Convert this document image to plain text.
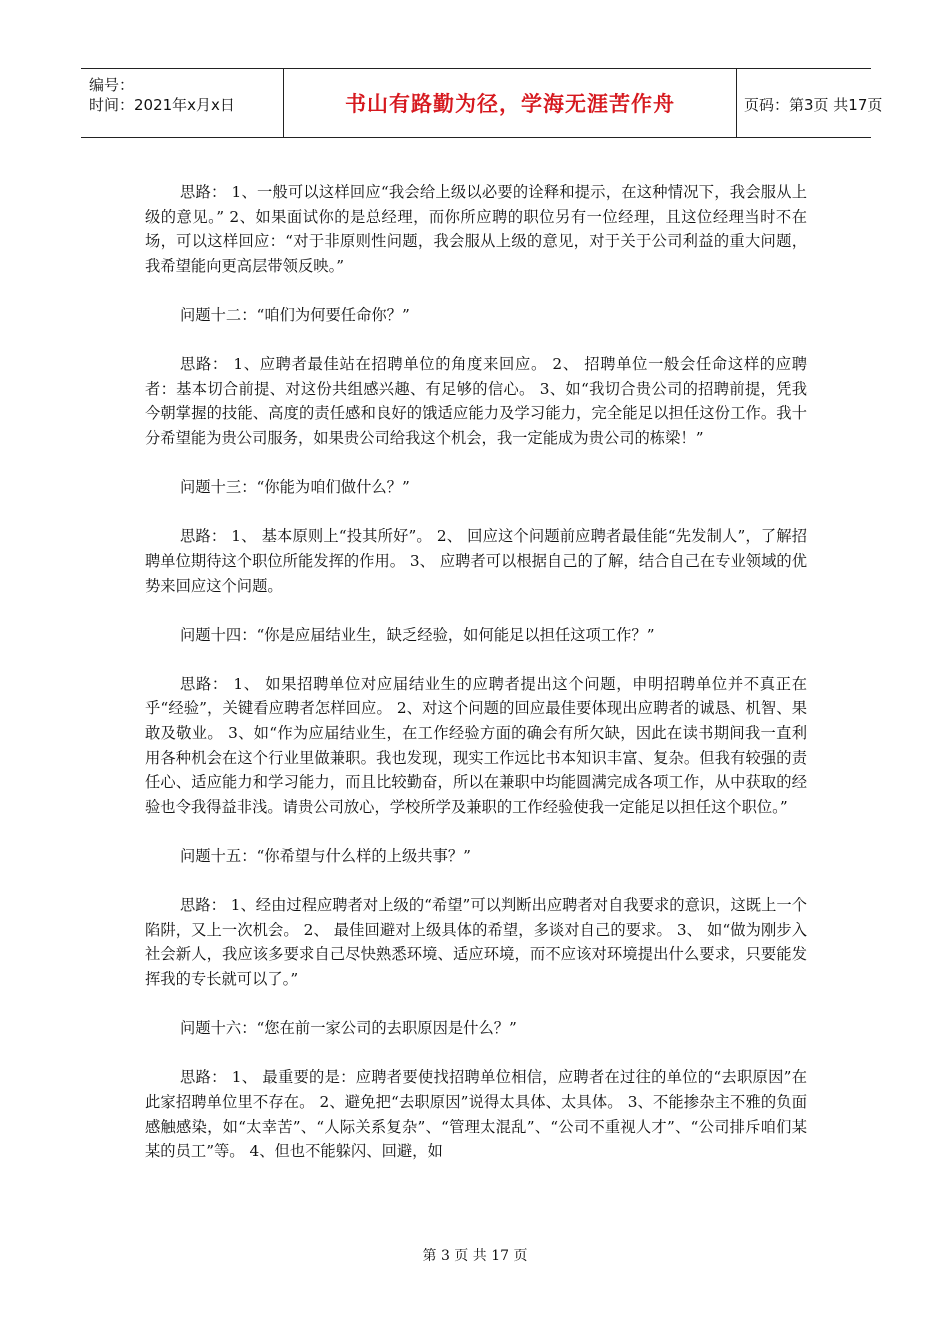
编号：
时间：2021年x月x日	书山有路勤为径，学海无涯苦作舟	页码：第3页 共17页

思路： 1、一般可以这样回应“我会给上级以必要的诠释和提示，在这种情况下，我会服从上级的意见。” 2、如果面试你的是总经理，而你所应聘的职位另有一位经理，且这位经理当时不在场，可以这样回应：“对于非原则性问题，我会服从上级的意见，对于关于公司利益的重大问题，我希望能向更高层带领反映。”

问题十二：“咱们为何要任命你？”

思路： 1、应聘者最佳站在招聘单位的角度来回应。 2、 招聘单位一般会任命这样的应聘者：基本切合前提、对这份共组感兴趣、有足够的信心。 3、如“我切合贵公司的招聘前提，凭我今朝掌握的技能、高度的责任感和良好的饿适应能力及学习能力，完全能足以担任这份工作。我十分希望能为贵公司服务，如果贵公司给我这个机会，我一定能成为贵公司的栋梁！”

问题十三：“你能为咱们做什么？”

思路： 1、 基本原则上“投其所好”。 2、 回应这个问题前应聘者最佳能“先发制人”，了解招聘单位期待这个职位所能发挥的作用。 3、 应聘者可以根据自己的了解，结合自己在专业领域的优势来回应这个问题。

问题十四：“你是应届结业生，缺乏经验，如何能足以担任这项工作？”

思路： 1、 如果招聘单位对应届结业生的应聘者提出这个问题，申明招聘单位并不真正在乎“经验”，关键看应聘者怎样回应。 2、对这个问题的回应最佳要体现出应聘者的诚恳、机智、果敢及敬业。 3、如“作为应届结业生，在工作经验方面的确会有所欠缺，因此在读书期间我一直利用各种机会在这个行业里做兼职。我也发现，现实工作远比书本知识丰富、复杂。但我有较强的责任心、适应能力和学习能力，而且比较勤奋，所以在兼职中均能圆满完成各项工作，从中获取的经验也令我得益非浅。请贵公司放心，学校所学及兼职的工作经验使我一定能足以担任这个职位。”

问题十五：“你希望与什么样的上级共事？”

思路： 1、经由过程应聘者对上级的“希望”可以判断出应聘者对自我要求的意识，这既上一个陷阱，又上一次机会。 2、 最佳回避对上级具体的希望，多谈对自己的要求。 3、 如“做为刚步入社会新人，我应该多要求自己尽快熟悉环境、适应环境，而不应该对环境提出什么要求，只要能发挥我的专长就可以了。”

问题十六：“您在前一家公司的去职原因是什么？”

思路： 1、 最重要的是：应聘者要使找招聘单位相信，应聘者在过往的单位的“去职原因”在此家招聘单位里不存在。 2、避免把“去职原因”说得太具体、太具体。 3、不能掺杂主不雅的负面感触感染，如“太幸苦”、“人际关系复杂”、“管理太混乱”、“公司不重视人才”、“公司排斥咱们某某的员工”等。 4、但也不能躲闪、回避，如

第 3 页 共 17 页
